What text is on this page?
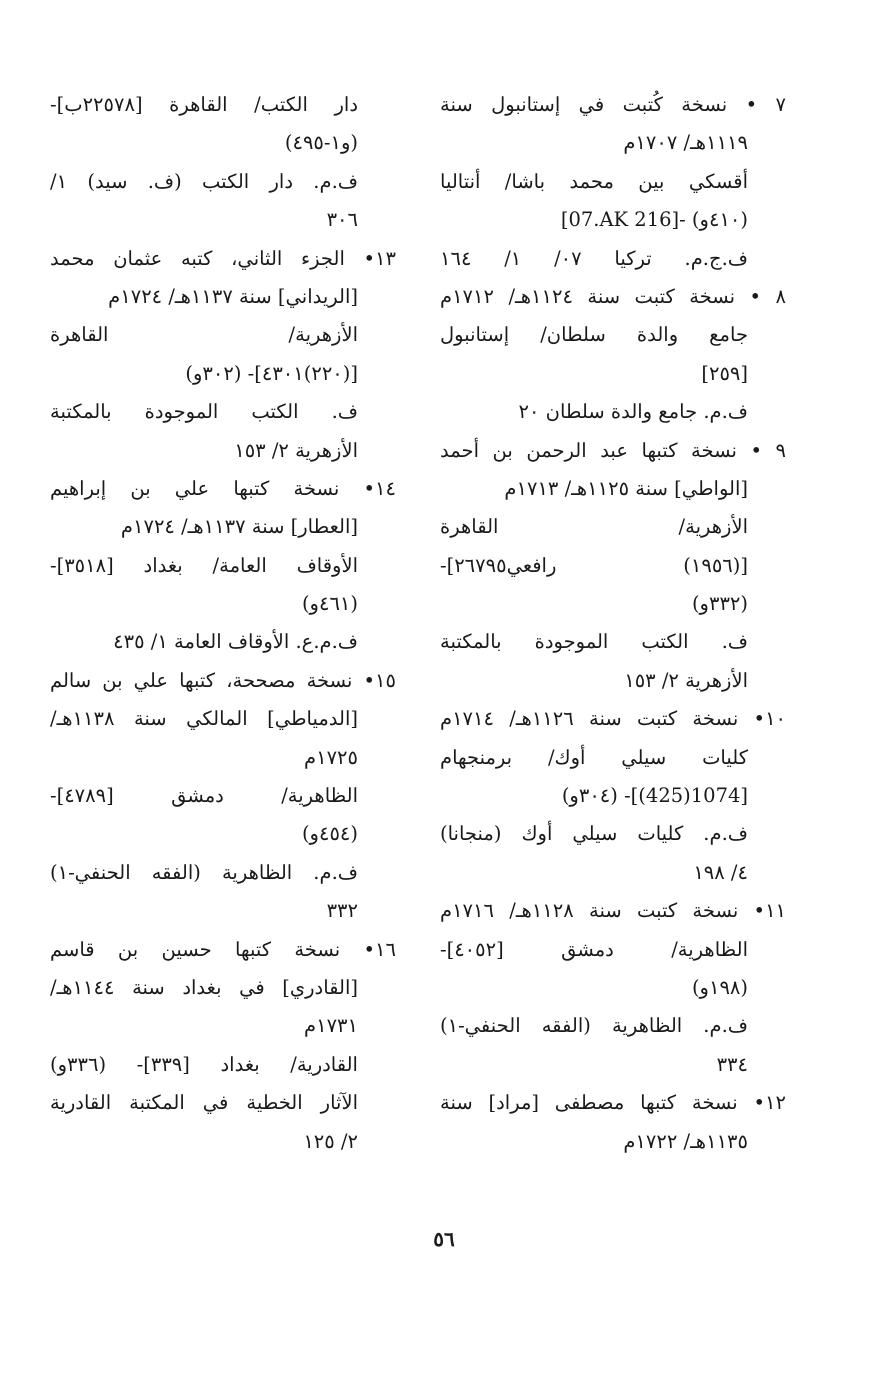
٧ • نسخة كُتبت في إستانبول سنة
١١١٩هـ/ ١٧٠٧م
أقسكي بين محمد باشا/ أنتاليا
[07.AK 216]- (٤١٠و)
ف.ج.م. تركيا ٠٧/ ١/ ١٦٤
٨ • نسخة كتبت سنة ١١٢٤هـ/ ١٧١٢م
جامع والدة سلطان/ إستانبول
[٢٥٩]
ف.م. جامع والدة سلطان ٢٠
٩ • نسخة كتبها عبد الرحمن بن أحمد
[الواطي] سنة ١١٢٥هـ/ ١٧١٣م
الأزهرية/ القاهرة
[(١٩٥٦) رافعي٢٦٧٩٥]-
(٣٣٢و)
ف. الكتب الموجودة بالمكتبة
الأزهرية ٢/ ١٥٣
١٠• نسخة كتبت سنة ١١٢٦هـ/ ١٧١٤م
كليات سيلي أوك/ برمنجهام
[1074(425)]- (٣٠٤و)
ف.م. كليات سيلي أوك (منجانا)
٤/ ١٩٨
١١• نسخة كتبت سنة ١١٢٨هـ/ ١٧١٦م
الظاهرية/ دمشق [٤٠٥٢]-
(١٩٨و)
ف.م. الظاهرية (الفقه الحنفي-١)
٣٣٤
١٢• نسخة كتبها مصطفى [مراد] سنة
١١٣٥هـ/ ١٧٢٢م
دار الكتب/ القاهرة [٢٢٥٧٨ب]-
(و١-٤٩٥)
ف.م. دار الكتب (ف. سيد) ١/
٣٠٦
١٣• الجزء الثاني، كتبه عثمان محمد
[الريداني] سنة ١١٣٧هـ/ ١٧٢٤م
الأزهرية/ القاهرة
[(٢٢٠)٤٣٠١]- (٣٠٢و)
ف. الكتب الموجودة بالمكتبة
الأزهرية ٢/ ١٥٣
١٤• نسخة كتبها علي بن إبراهيم
[العطار] سنة ١١٣٧هـ/ ١٧٢٤م
الأوقاف العامة/ بغداد [٣٥١٨]-
(٤٦١و)
ف.م.ع. الأوقاف العامة ١/ ٤٣٥
١٥• نسخة مصححة، كتبها علي بن سالم
[الدمياطي] المالكي سنة ١١٣٨هـ/
١٧٢٥م
الظاهرية/ دمشق [٤٧٨٩]-
(٤٥٤و)
ف.م. الظاهرية (الفقه الحنفي-١)
٣٣٢
١٦• نسخة كتبها حسين بن قاسم
[القادري] في بغداد سنة ١١٤٤هـ/
١٧٣١م
القادرية/ بغداد [٣٣٩]- (٣٣٦و)
الآثار الخطية في المكتبة القادرية
٢/ ١٢٥
٥٦
